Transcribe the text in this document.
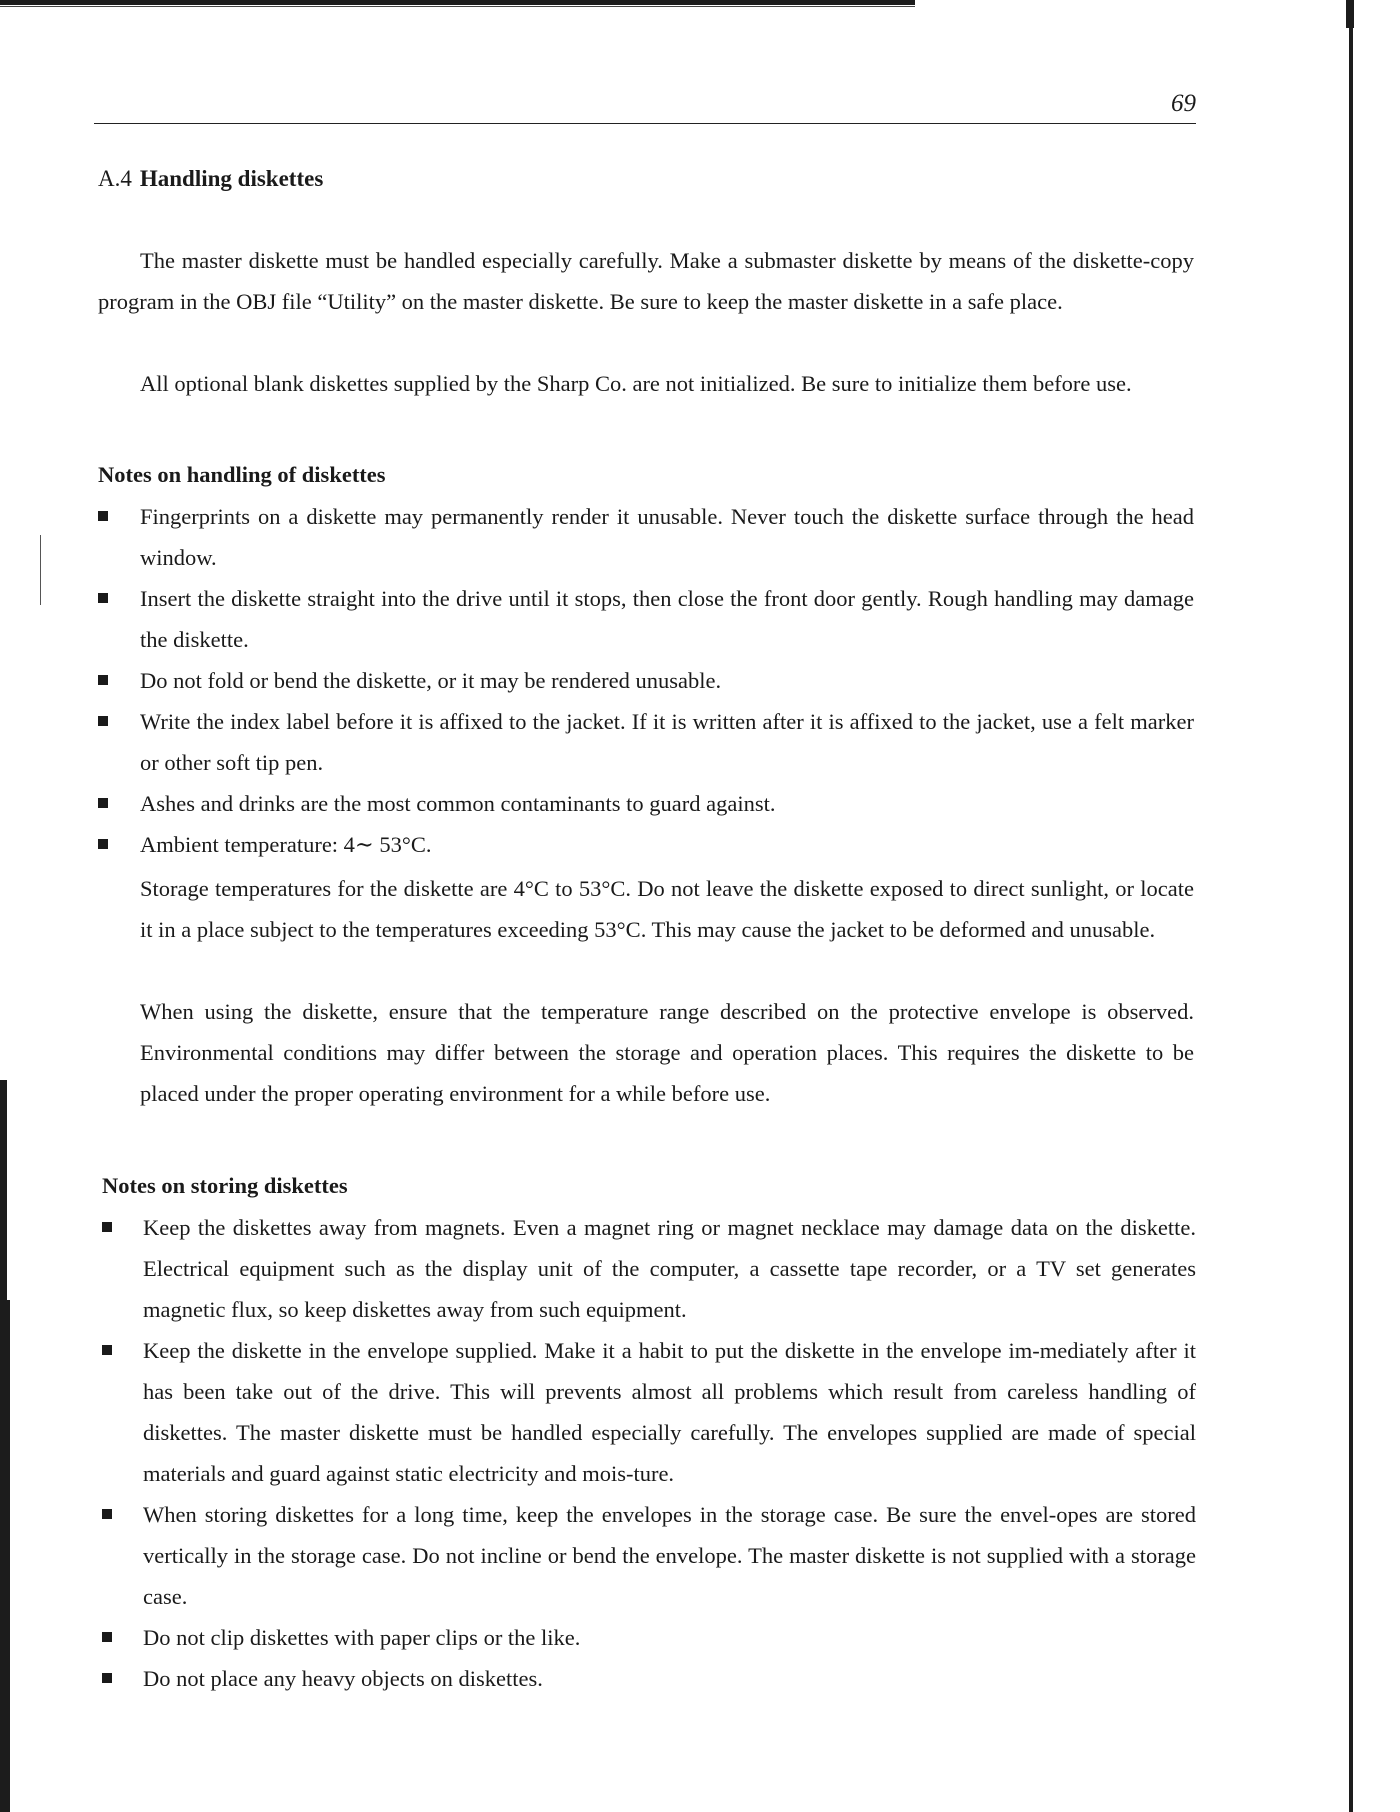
69
A.4 Handling diskettes

The master diskette must be handled especially carefully. Make a submaster diskette by means of the diskette-copy program in the OBJ file “Utility” on the master diskette. Be sure to keep the master diskette in a safe place.

All optional blank diskettes supplied by the Sharp Co. are not initialized. Be sure to initialize them before use.

Notes on handling of diskettes

Fingerprints on a diskette may permanently render it unusable. Never touch the diskette surface through the head window.
Insert the diskette straight into the drive until it stops, then close the front door gently. Rough handling may damage the diskette.
Do not fold or bend the diskette, or it may be rendered unusable.
Write the index label before it is affixed to the jacket. If it is written after it is affixed to the jacket, use a felt marker or other soft tip pen.
Ashes and drinks are the most common contaminants to guard against.
Ambient temperature: 4∼ 53°C.

Storage temperatures for the diskette are 4°C to 53°C. Do not leave the diskette exposed to direct sunlight, or locate it in a place subject to the temperatures exceeding 53°C. This may cause the jacket to be deformed and unusable.

When using the diskette, ensure that the temperature range described on the protective envelope is observed. Environmental conditions may differ between the storage and operation places. This requires the diskette to be placed under the proper operating environment for a while before use.

Notes on storing diskettes

Keep the diskettes away from magnets. Even a magnet ring or magnet necklace may damage data on the diskette. Electrical equipment such as the display unit of the computer, a cassette tape recorder, or a TV set generates magnetic flux, so keep diskettes away from such equipment.
Keep the diskette in the envelope supplied. Make it a habit to put the diskette in the envelope im-mediately after it has been take out of the drive. This will prevents almost all problems which result from careless handling of diskettes. The master diskette must be handled especially carefully. The envelopes supplied are made of special materials and guard against static electricity and mois-ture.
When storing diskettes for a long time, keep the envelopes in the storage case. Be sure the envel-opes are stored vertically in the storage case. Do not incline or bend the envelope. The master diskette is not supplied with a storage case.
Do not clip diskettes with paper clips or the like.
Do not place any heavy objects on diskettes.
